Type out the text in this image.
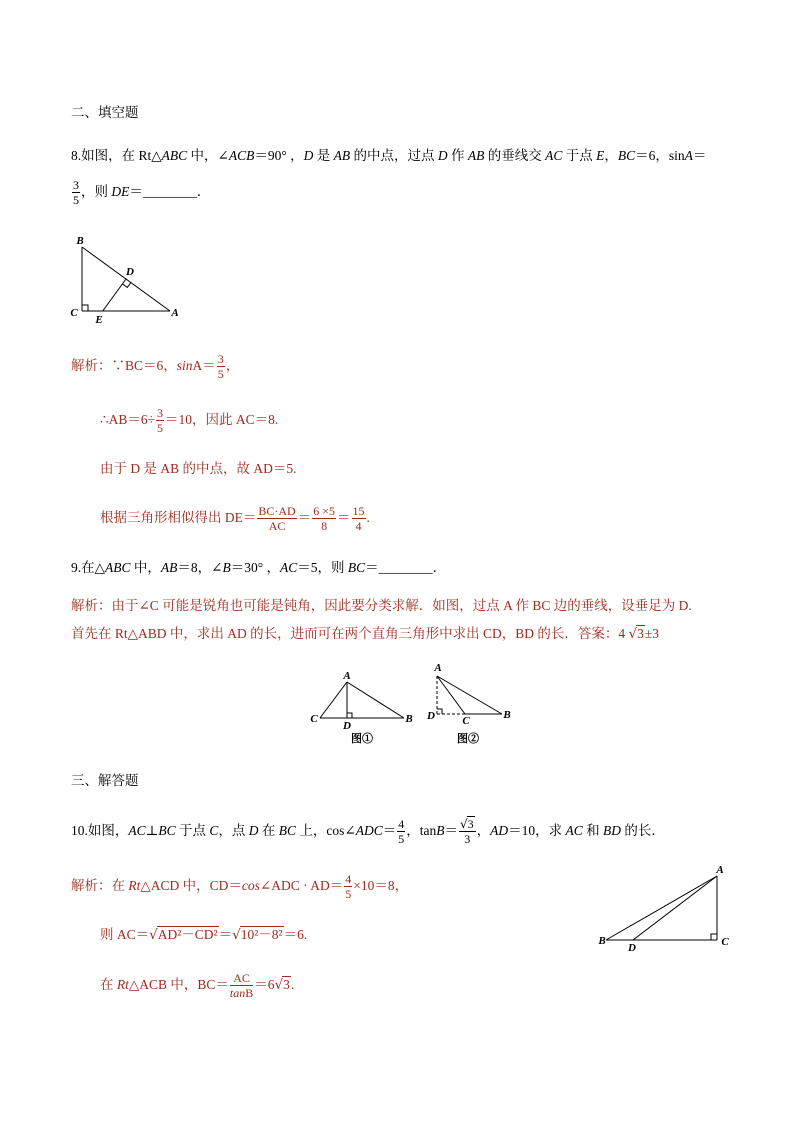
二、填空题
8.如图，在 Rt△ABC 中，∠ACB＝90° ，D 是 AB 的中点，过点 D 作 AB 的垂线交 AC 于点 E，BC＝6，sinA＝
$\frac{3}{5}$ ，则 DE＝________．
B
C	A
D
E
解析：∵BC＝6，$\sin A= \frac{3}{5}$ ，
∴AB＝6÷ $\frac{3}{5} =10$，因此 AC＝8.
由于 D 是 AB 的中点，故 AD＝5.
根据三角形相似得出 $DE= \frac{BC\cdot AD}{AC} = \frac{6 \times 5}{8} = \frac{15}{4}$ .
9.在△ABC 中，AB＝8，∠B＝30° ，AC＝5，则 BC＝________．
解析：由于∠C 可能是锐角也可能是钝角，因此要分类求解．如图，过点 A 作 BC 边的垂线，设垂足为 D.
首先在 Rt△ABD 中，求出 AD 的长，进而可在两个直角三角形中求出 CD，BD 的长．答案：4 √3±3
A
C
D
B
图①
A
D C	B
图②
三、解答题
10.如图，AC⊥BC 于点 C，点 D 在 BC 上，cos∠ADC＝ $\frac{4}{5}$ ，$\tan B= \frac{√3}{3}$ ，AD＝10，求 AC 和 BD 的长．
解析：在 Rt△ACD 中，CD＝cos∠ADC · $AD= \frac{4}{5} \times 10=8$，
则 AC＝√AD²－CD²＝√10²－8²＝6.
在 Rt△ACB 中，$BC= \frac{AC}{\tan B} =6√3$.
A
B
D	C
